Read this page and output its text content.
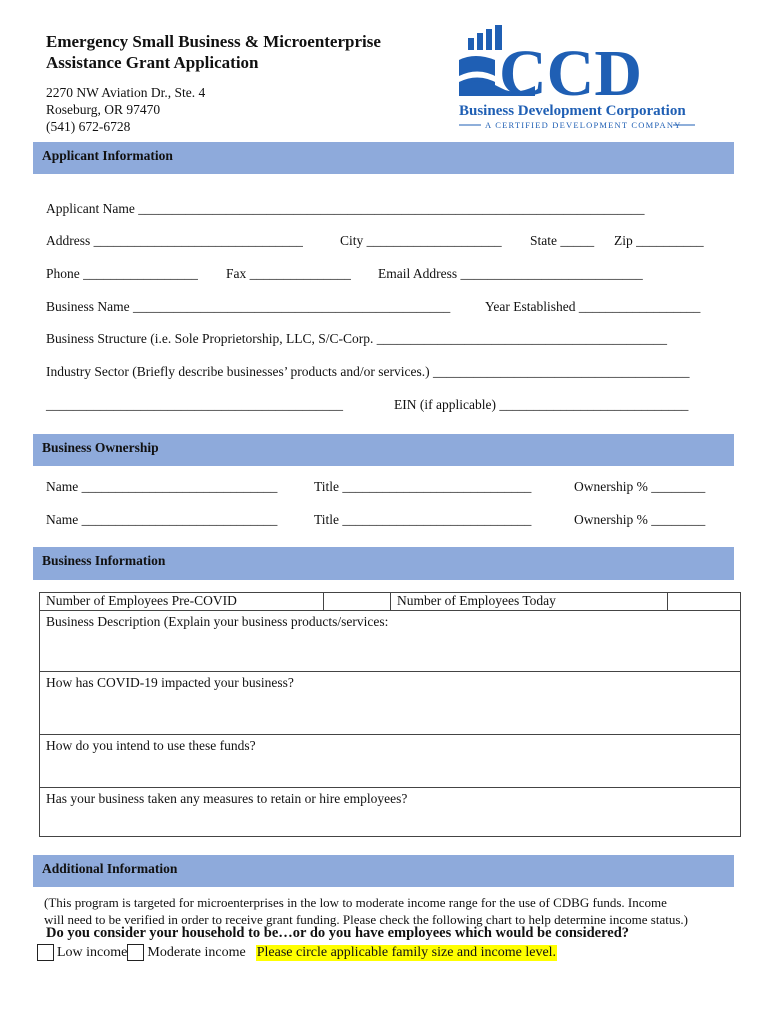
Emergency Small Business & Microenterprise
Assistance Grant Application
2270 NW Aviation Dr., Ste. 4
Roseburg, OR 97470
(541) 672-6728
CCD
Business Development Corporation
A CERTIFIED DEVELOPMENT COMPANY
Applicant Information
Applicant Name ___________________________________________________________________________
Address _______________________________	City ____________________ State _____ Zip __________
Phone _________________ Fax _______________ Email Address ___________________________
Business Name _______________________________________________	Year Established __________________
Business Structure (i.e. Sole Proprietorship, LLC, S/C-Corp. ___________________________________________
Industry Sector (Briefly describe businesses’ products and/or services.) ______________________________________
____________________________________________	EIN (if applicable) ____________________________
Business Ownership
Name _____________________________	Title ____________________________	Ownership % ________
Name _____________________________	Title ____________________________	Ownership % ________
Business Information
Number of Employees Pre-COVID	Number of Employees Today
Business Description (Explain your business products/services:
How has COVID-19 impacted your business?
How do you intend to use these funds?
Has your business taken any measures to retain or hire employees?
Additional Information
(This program is targeted for microenterprises in the low to moderate income range for the use of CDBG funds. Income
will need to be verified in order to receive grant funding. Please check the following chart to help determine income status.)
Do you consider your household to be…or do you have employees which would be considered?
Low income Moderate income Please circle applicable family size and income level.
